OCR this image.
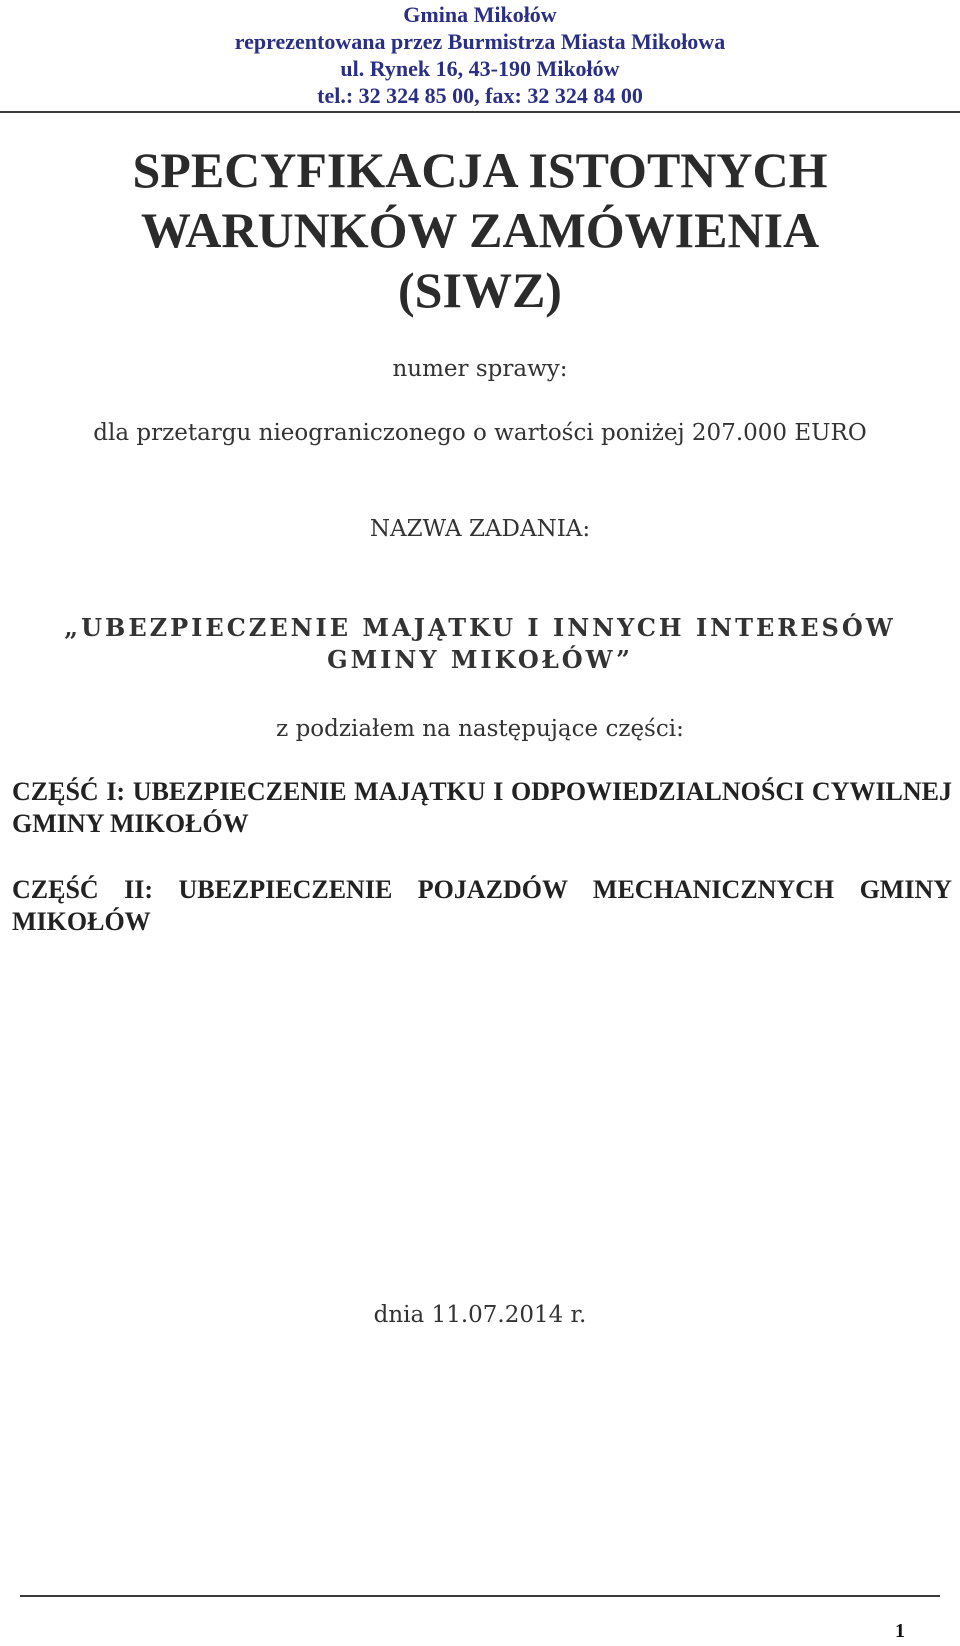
Gmina Mikołów
reprezentowana przez Burmistrza Miasta Mikołowa
ul. Rynek 16, 43-190 Mikołów
tel.: 32 324 85 00, fax: 32 324 84 00
SPECYFIKACJA ISTOTNYCH
WARUNKÓW ZAMÓWIENIA
(SIWZ)
numer sprawy:
dla przetargu nieograniczonego o wartości poniżej 207.000 EURO
NAZWA ZADANIA:
„UBEZPIECZENIE MAJĄTKU I INNYCH INTERESÓW
GMINY MIKOŁÓW”
z podziałem na następujące części:
CZĘŚĆ I: UBEZPIECZENIE MAJĄTKU I ODPOWIEDZIALNOŚCI CYWILNEJ GMINY MIKOŁÓW
CZĘŚĆ II: UBEZPIECZENIE POJAZDÓW MECHANICZNYCH GMINY MIKOŁÓW
dnia 11.07.2014 r.
1
